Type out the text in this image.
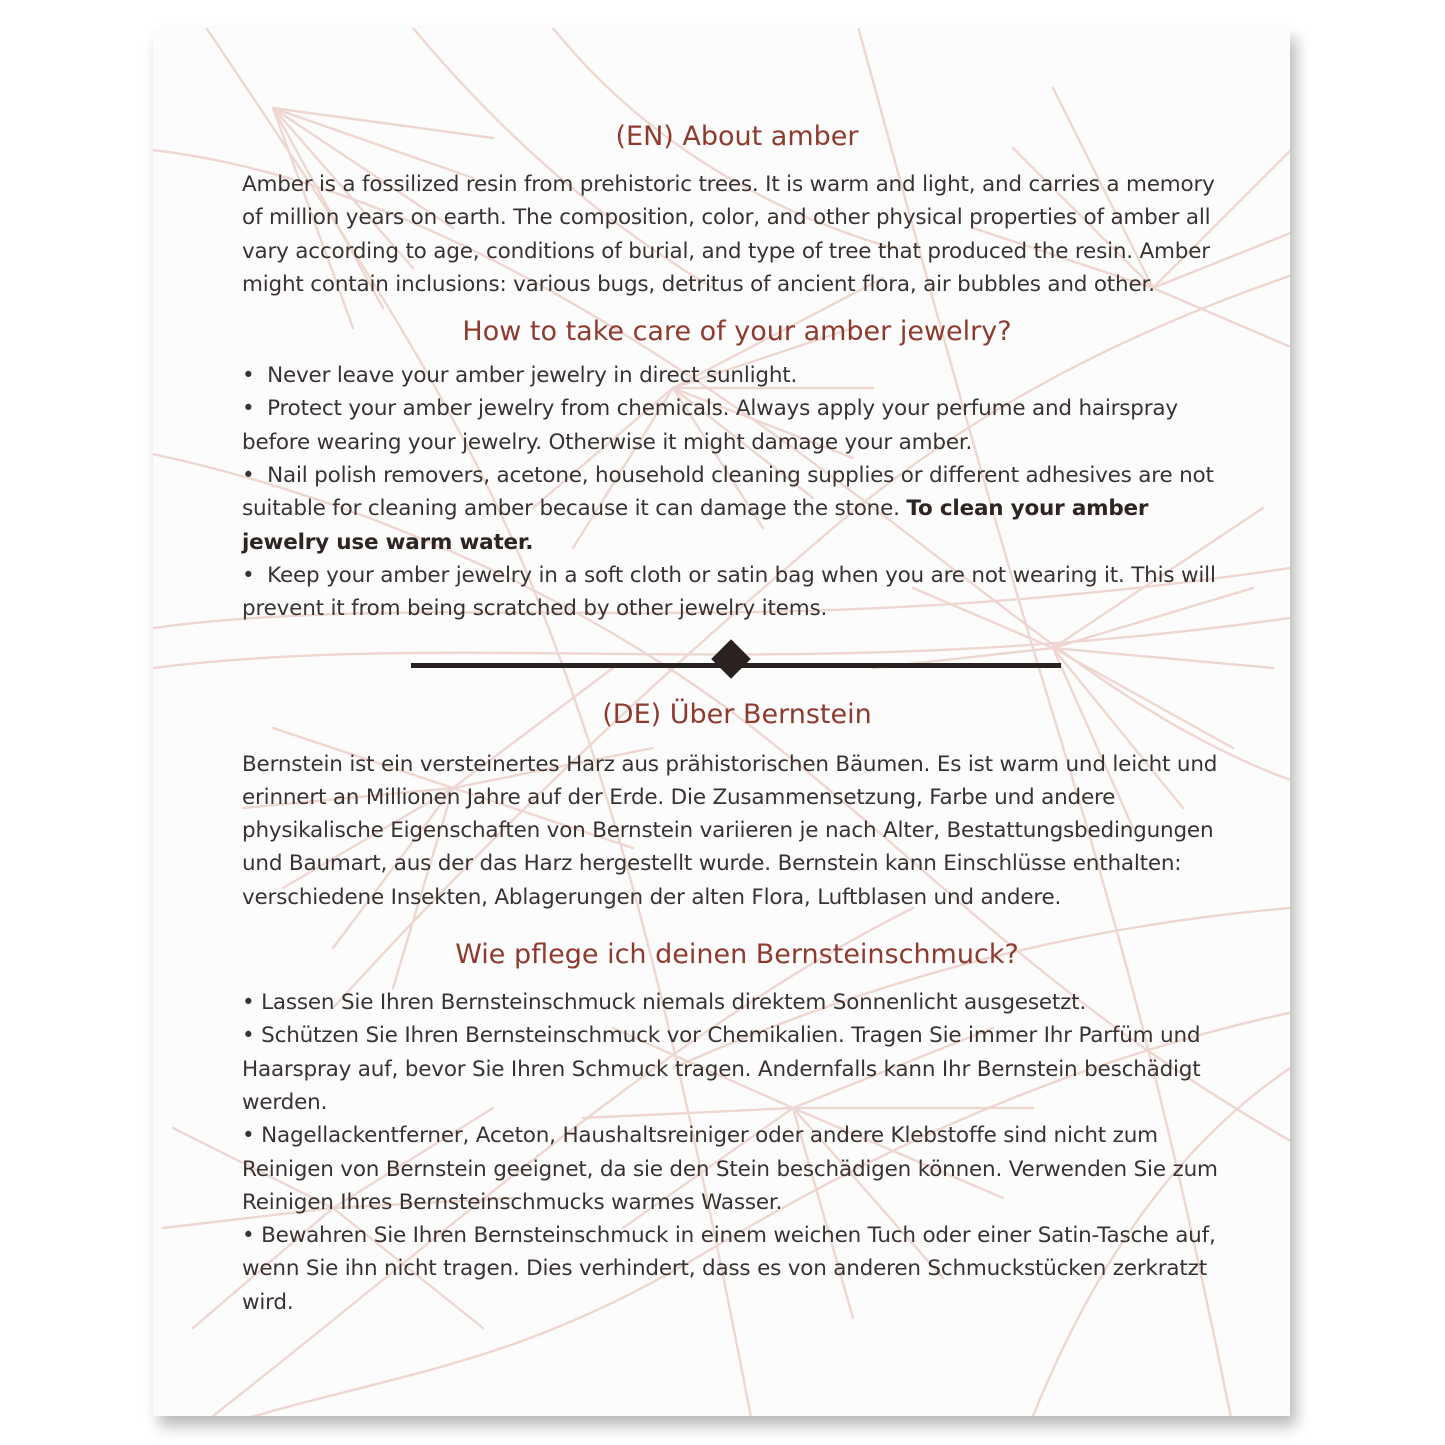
(EN) About amber

Amber is a fossilized resin from prehistoric trees. It is warm and light, and carries a memory of million years on earth. The composition, color, and other physical properties of amber all vary according to age, conditions of burial, and type of tree that produced the resin. Amber might contain inclusions: various bugs, detritus of ancient flora, air bubbles and other.

How to take care of your amber jewelry?

• Never leave your amber jewelry in direct sunlight.

• Protect your amber jewelry from chemicals. Always apply your perfume and hairspray before wearing your jewelry. Otherwise it might damage your amber.

• Nail polish removers, acetone, household cleaning supplies or different adhesives are not suitable for cleaning amber because it can damage the stone. To clean your amber jewelry use warm water.

• Keep your amber jewelry in a soft cloth or satin bag when you are not wearing it. This will prevent it from being scratched by other jewelry items.

(DE) Über Bernstein

Bernstein ist ein versteinertes Harz aus prähistorischen Bäumen. Es ist warm und leicht und erinnert an Millionen Jahre auf der Erde. Die Zusammensetzung, Farbe und andere physikalische Eigenschaften von Bernstein variieren je nach Alter, Bestattungsbedingungen und Baumart, aus der das Harz hergestellt wurde. Bernstein kann Einschlüsse enthalten: verschiedene Insekten, Ablagerungen der alten Flora, Luftblasen und andere.

Wie pflege ich deinen Bernsteinschmuck?

• Lassen Sie Ihren Bernsteinschmuck niemals direktem Sonnenlicht ausgesetzt.

• Schützen Sie Ihren Bernsteinschmuck vor Chemikalien. Tragen Sie immer Ihr Parfüm und Haarspray auf, bevor Sie Ihren Schmuck tragen. Andernfalls kann Ihr Bernstein beschädigt werden.

• Nagellackentferner, Aceton, Haushaltsreiniger oder andere Klebstoffe sind nicht zum Reinigen von Bernstein geeignet, da sie den Stein beschädigen können. Verwenden Sie zum Reinigen Ihres Bernsteinschmucks warmes Wasser.

• Bewahren Sie Ihren Bernsteinschmuck in einem weichen Tuch oder einer Satin-Tasche auf, wenn Sie ihn nicht tragen. Dies verhindert, dass es von anderen Schmuckstücken zerkratzt wird.
